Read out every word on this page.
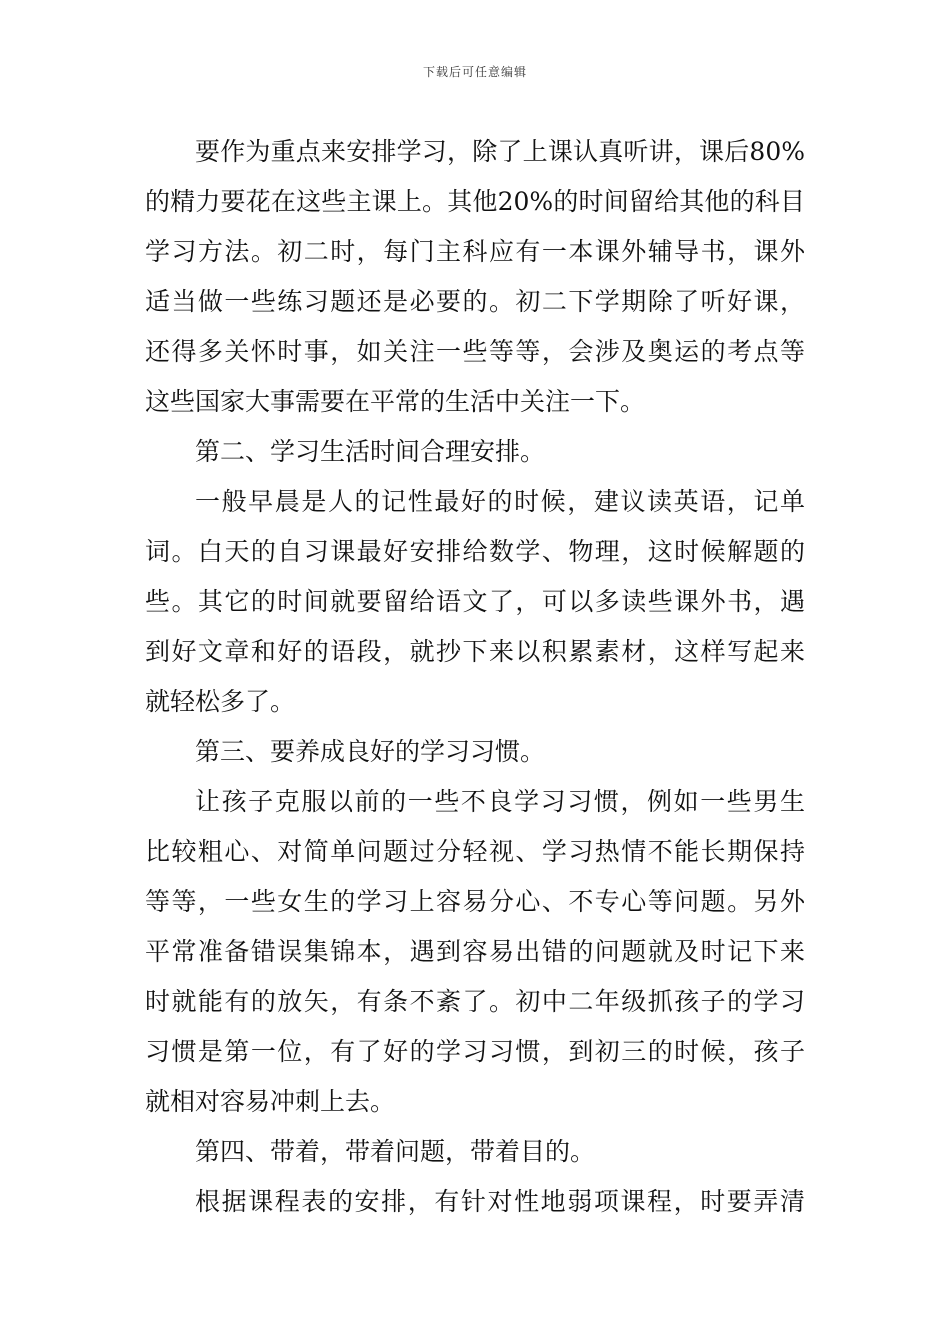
下载后可任意编辑
要作为重点来安排学习，除了上课认真听讲，课后80%
的精力要花在这些主课上。其他20%的时间留给其他的科目
学习方法。初二时，每门主科应有一本课外辅导书，课外
适当做一些练习题还是必要的。初二下学期除了听好课，
还得多关怀时事，如关注一些等等，会涉及奥运的考点等
这些国家大事需要在平常的生活中关注一下。
第二、学习生活时间合理安排。
一般早晨是人的记性最好的时候，建议读英语，记单
词。白天的自习课最好安排给数学、物理，这时候解题的
些。其它的时间就要留给语文了，可以多读些课外书，遇
到好文章和好的语段，就抄下来以积累素材，这样写起来
就轻松多了。
第三、要养成良好的学习习惯。
让孩子克服以前的一些不良学习习惯，例如一些男生
比较粗心、对简单问题过分轻视、学习热情不能长期保持
等等，一些女生的学习上容易分心、不专心等问题。另外
平常准备错误集锦本，遇到容易出错的问题就及时记下来
时就能有的放矢，有条不紊了。初中二年级抓孩子的学习
习惯是第一位，有了好的学习习惯，到初三的时候，孩子
就相对容易冲刺上去。
第四、带着，带着问题，带着目的。
根据课程表的安排，有针对性地弱项课程，时要弄清
